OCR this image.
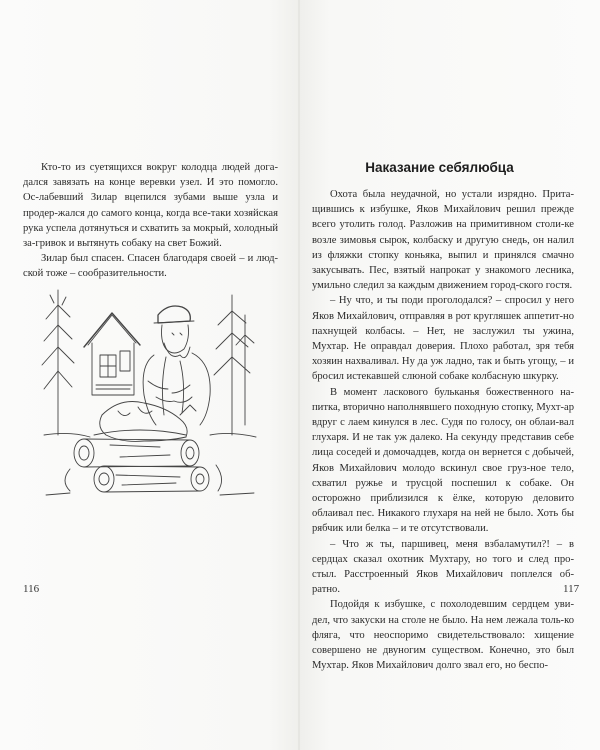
Кто-то из суетящихся вокруг колодца людей дога-дался завязать на конце веревки узел. И это помогло. Ос-лабевший Зилар вцепился зубами выше узла и продер-жался до самого конца, когда все-таки хозяйская рука успела дотянуться и схватить за мокрый, холодный за-гривок и вытянуть собаку на свет Божий.

Зилар был спасен. Спасен благодаря своей – и люд-ской тоже – сообразительности.

116
Наказание себялюбца

Охота была неудачной, но устали изрядно. Прита-щившись к избушке, Яков Михайлович решил прежде всего утолить голод. Разложив на примитивном столи-ке возле зимовья сырок, колбаску и другую снедь, он налил из фляжки стопку коньяка, выпил и принялся смачно закусывать. Пес, взятый напрокат у знакомого лесника, умильно следил за каждым движением город-ского гостя.

– Ну что, и ты поди проголодался? – спросил у него Яков Михайлович, отправляя в рот кругляшек аппетит-но пахнущей колбасы. – Нет, не заслужил ты ужина, Мухтар. Не оправдал доверия. Плохо работал, зря тебя хозяин нахваливал. Ну да уж ладно, так и быть угощу, – и бросил истекавшей слюной собаке колбасную шкурку.

В момент ласкового бульканья божественного на-питка, вторично наполнявшего походную стопку, Мухт-ар вдруг с лаем кинулся в лес. Судя по голосу, он облаи-вал глухаря. И не так уж далеко. На секунду представив себе лица соседей и домочадцев, когда он вернется с добычей, Яков Михайлович молодо вскинул свое груз-ное тело, схватил ружье и трусцой поспешил к собаке. Он осторожно приблизился к ёлке, которую деловито облаивал пес. Никакого глухаря на ней не было. Хоть бы рябчик или белка – и те отсутствовали.

– Что ж ты, паршивец, меня взбаламутил?! – в сердцах сказал охотник Мухтару, но того и след про-стыл. Расстроенный Яков Михайлович поплелся об-ратно.

Подойдя к избушке, с похолодевшим сердцем уви-дел, что закуски на столе не было. На нем лежала толь-ко фляга, что неоспоримо свидетельствовало: хищение совершено не двуногим существом. Конечно, это был Мухтар. Яков Михайлович долго звал его, но беспо-

117
